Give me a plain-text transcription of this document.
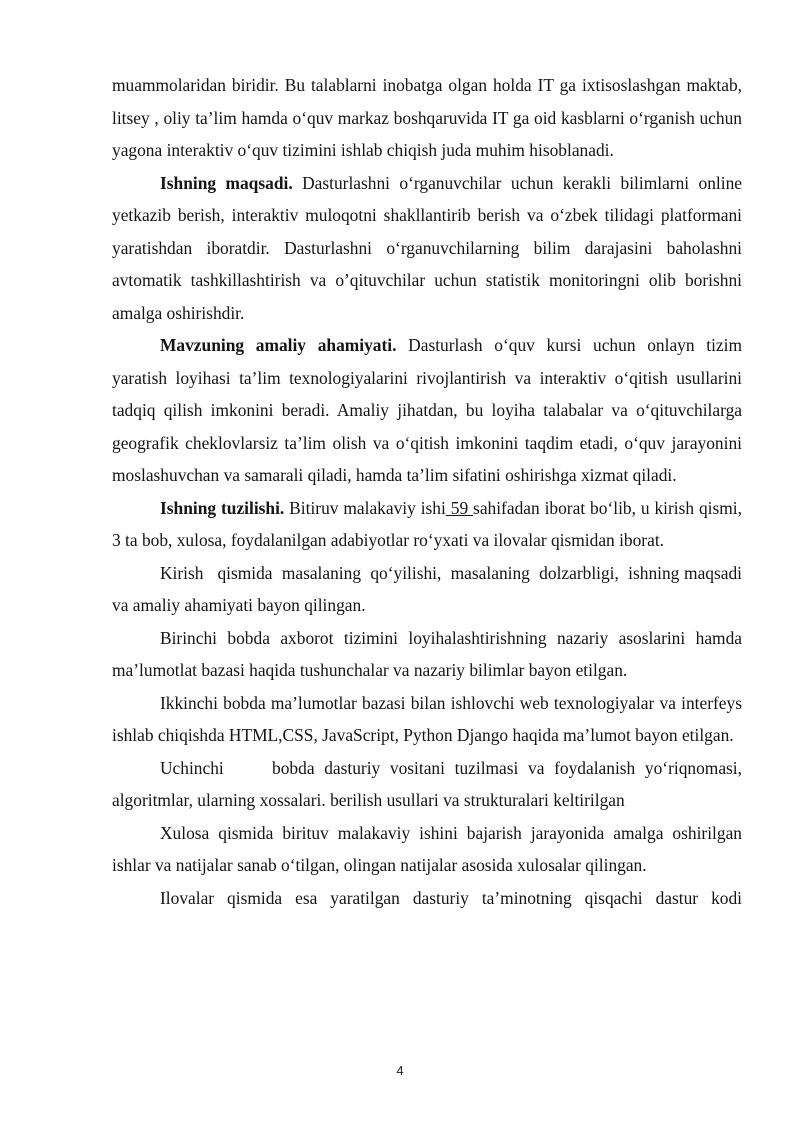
muammolaridan biridir. Bu talablarni inobatga olgan holda IT ga ixtisoslashgan maktab, litsey , oliy taʼlim hamda oʻquv markaz boshqaruvida IT ga oid kasblarni oʻrganish uchun yagona interaktiv oʻquv tizimini ishlab chiqish juda muhim hisoblanadi.

Ishning maqsadi. Dasturlashni oʻrganuvchilar uchun kerakli bilimlarni online yetkazib berish, interaktiv muloqotni shakllantirib berish va oʻzbek tilidagi platformani yaratishdan iboratdir. Dasturlashni oʻrganuvchilarning bilim darajasini baholashni avtomatik tashkillashtirish va o’qituvchilar uchun statistik monitoringni olib borishni amalga oshirishdir.

Mavzuning amaliy ahamiyati. Dasturlash oʻquv kursi uchun onlayn tizim yaratish loyihasi taʼlim texnologiyalarini rivojlantirish va interaktiv oʻqitish usullarini tadqiq qilish imkonini beradi. Amaliy jihatdan, bu loyiha talabalar va oʻqituvchilarga geografik cheklovlarsiz taʼlim olish va oʻqitish imkonini taqdim etadi, oʻquv jarayonini moslashuvchan va samarali qiladi, hamda taʼlim sifatini oshirishga xizmat qiladi.

Ishning tuzilishi. Bitiruv malakaviy ishi 59 sahifadan iborat boʻlib, u kirish qismi, 3 ta bob, xulosa, foydalanilgan adabiyotlar roʻyxati va ilovalar qismidan iborat.

Kirish   qismida  masalaning  qoʻyilishi,  masalaning  dolzarbligi,  ishning maqsadi va amaliy ahamiyati bayon qilingan.

Birinchi bobda axborot tizimini loyihalashtirishning nazariy asoslarini hamda maʼlumotlat bazasi haqida tushunchalar va nazariy bilimlar bayon etilgan.

Ikkinchi bobda maʼlumotlar bazasi bilan ishlovchi web texnologiyalar va interfeys ishlab chiqishda HTML,CSS, JavaScript, Python Django haqida maʼlumot bayon etilgan.

Uchinchi     bobda dasturiy vositani tuzilmasi va foydalanish yoʻriqnomasi, algoritmlar, ularning xossalari. berilish usullari va strukturalari keltirilgan

Xulosa qismida birituv malakaviy ishini bajarish jarayonida amalga oshirilgan ishlar va natijalar sanab oʻtilgan, olingan natijalar asosida xulosalar qilingan.

Ilovalar qismida esa yaratilgan dasturiy taʼminotning qisqachi dastur kodi

4
